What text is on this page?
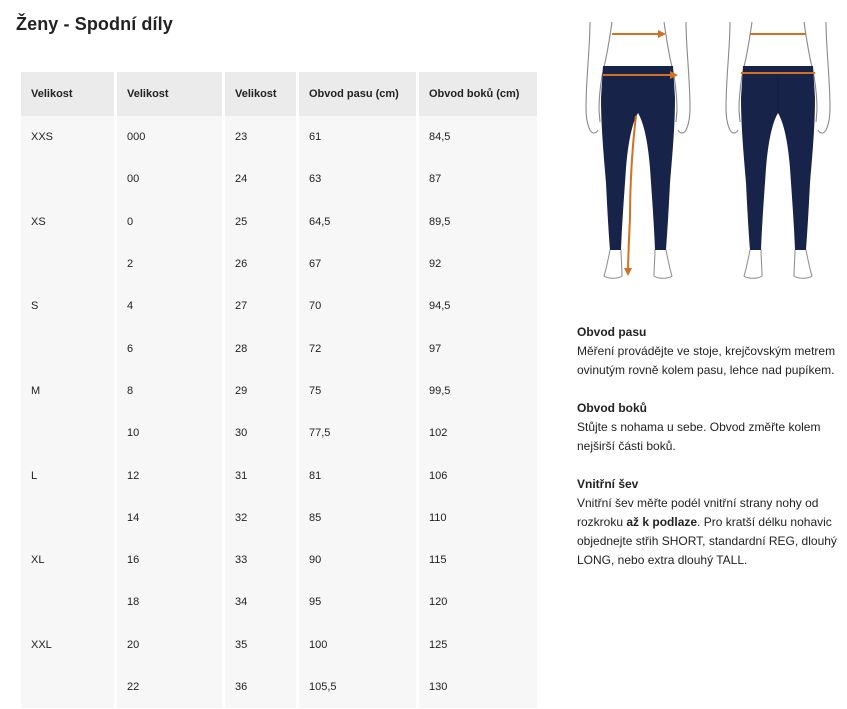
Ženy - Spodní díly
Velikost	Velikost	Velikost	Obvod pasu (cm)	Obvod boků (cm)
XXS	000	23	61	84,5
	00	24	63	87
XS	0	25	64,5	89,5
	2	26	67	92
S	4	27	70	94,5
	6	28	72	97
M	8	29	75	99,5
	10	30	77,5	102
L	12	31	81	106
	14	32	85	110
XL	16	33	90	115
	18	34	95	120
XXL	20	35	100	125
	22	36	105,5	130
Obvod pasu
Měření provádějte ve stoje, krejčovským metrem ovinutým rovně kolem pasu, lehce nad pupíkem.
Obvod boků
Stůjte s nohama u sebe. Obvod změřte kolem nejširší části boků.
Vnitřní šev
Vnitřní šev měřte podél vnitřní strany nohy od rozkroku až k podlaze. Pro kratší délku nohavic objednejte střih SHORT, standardní REG, dlouhý LONG, nebo extra dlouhý TALL.
